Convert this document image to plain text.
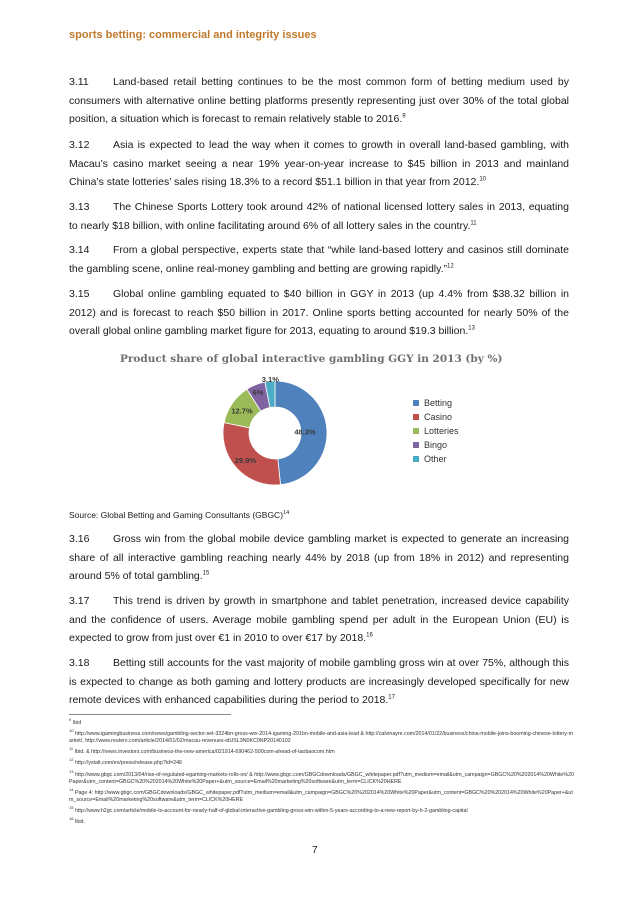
sports betting: commercial and integrity issues
3.11 Land-based retail betting continues to be the most common form of betting medium used by consumers with alternative online betting platforms presently representing just over 30% of the total global position, a situation which is forecast to remain relatively stable to 2016.$^9$
3.12 Asia is expected to lead the way when it comes to growth in overall land-based gambling, with Macau’s casino market seeing a near 19% year-on-year increase to $45 billion in 2013 and mainland China’s state lotteries’ sales rising 18.3% to a record $51.1 billion in that year from 2012.10
3.13 The Chinese Sports Lottery took around 42% of national licensed lottery sales in 2013, equating to nearly $18 billion, with online facilitating around 6% of all lottery sales in the country.$^{11}$
3.14 From a global perspective, experts state that “while land-based lottery and casinos still dominate the gambling scene, online real-money gambling and betting are growing rapidly.”$^{12}$
3.15 Global online gambling equated to $40 billion in GGY in 2013 (up 4.4% from $38.32 billion in 2012) and is forecast to reach $50 billion in 2017. Online sports betting accounted for nearly 50% of the overall global online gambling market figure for 2013, equating to around $19.3 billion.$^{13}$
Product share of global interactive gambling GGY in 2013 (by %)
48.3%
29.9%
12.7%
6%
3.1%
Betting
Casino
Lotteries
Bingo
Other
Source: Global Betting and Gaming Consultants (GBGC)$^{14}$
3.16 Gross win from the global mobile device gambling market is expected to generate an increasing share of all interactive gambling reaching nearly 44% by 2018 (up from 18% in 2012) and representing around 5% of total gambling.$^{15}$
3.17 This trend is driven by growth in smartphone and tablet penetration, increased device capability and the confidence of users. Average mobile gambling spend per adult in the European Union (EU) is expected to grow from just over €1 in 2010 to over €17 by 2018.16
3.18 Betting still accounts for the vast majority of mobile gambling gross win at over 75%, although this is expected to change as both gaming and lottery products are increasingly developed specifically for new remote devices with enhanced capabilities during the period to 2018.17
$^9$ Ibid
$^{10}$ http://www.igamingbusiness.com/news/gambling-sector-set-3324bn-gross-win-2014-igaming-291bn-mobile-and-asia-lead & http://calvinayre.com/2014/01/22/business/china-mobile-joins-booming-chinese-lottery-market/, http://www.reuters.com/article/2014/01/02/macau-revenues-idUSL3N0KC0NP20140102
$^{11}$ Ibid. & http://news.investors.com/business-the-new-america/021914-690462-500com-ahead-of-taobaocom.htm
$^{12}$ http://yxtalt.com/en/press/release.php?id=246
$^{13}$ http://www.gbgc.com/2013/04/rise-of-regulated-egaming-markets-rolls-on/ & http://www.gbgc.com/GBGCdownloads/GBGC_whitepaper.pdf?utm_medium=email&utm_campaign=GBGC%20%202014%20White%20Paper&utm_content=GBGC%20%202014%20White%20Paper+&utm_source=Email%20marketing%20software&utm_term=CLICK%20HERE
$^{14}$ Page 4: http://www.gbgc.com/GBGCdownloads/GBGC_whitepaper.pdf?utm_medium=email&utm_campaign=GBGC%20%202014%20White%20Paper&utm_content=GBGC%20%202014%20White%20Paper+&utm_source=Email%20marketing%20software&utm_term=CLICK%20HERE
$^{15}$ http://www.h2gc.com/article/mobile-to-account-for-nearly-half-of-global-interactive-gambling-gross-win-within-5-years-according-to-a-new-report-by-h-2-gambling-capital
$^{16}$ Ibid.
7
